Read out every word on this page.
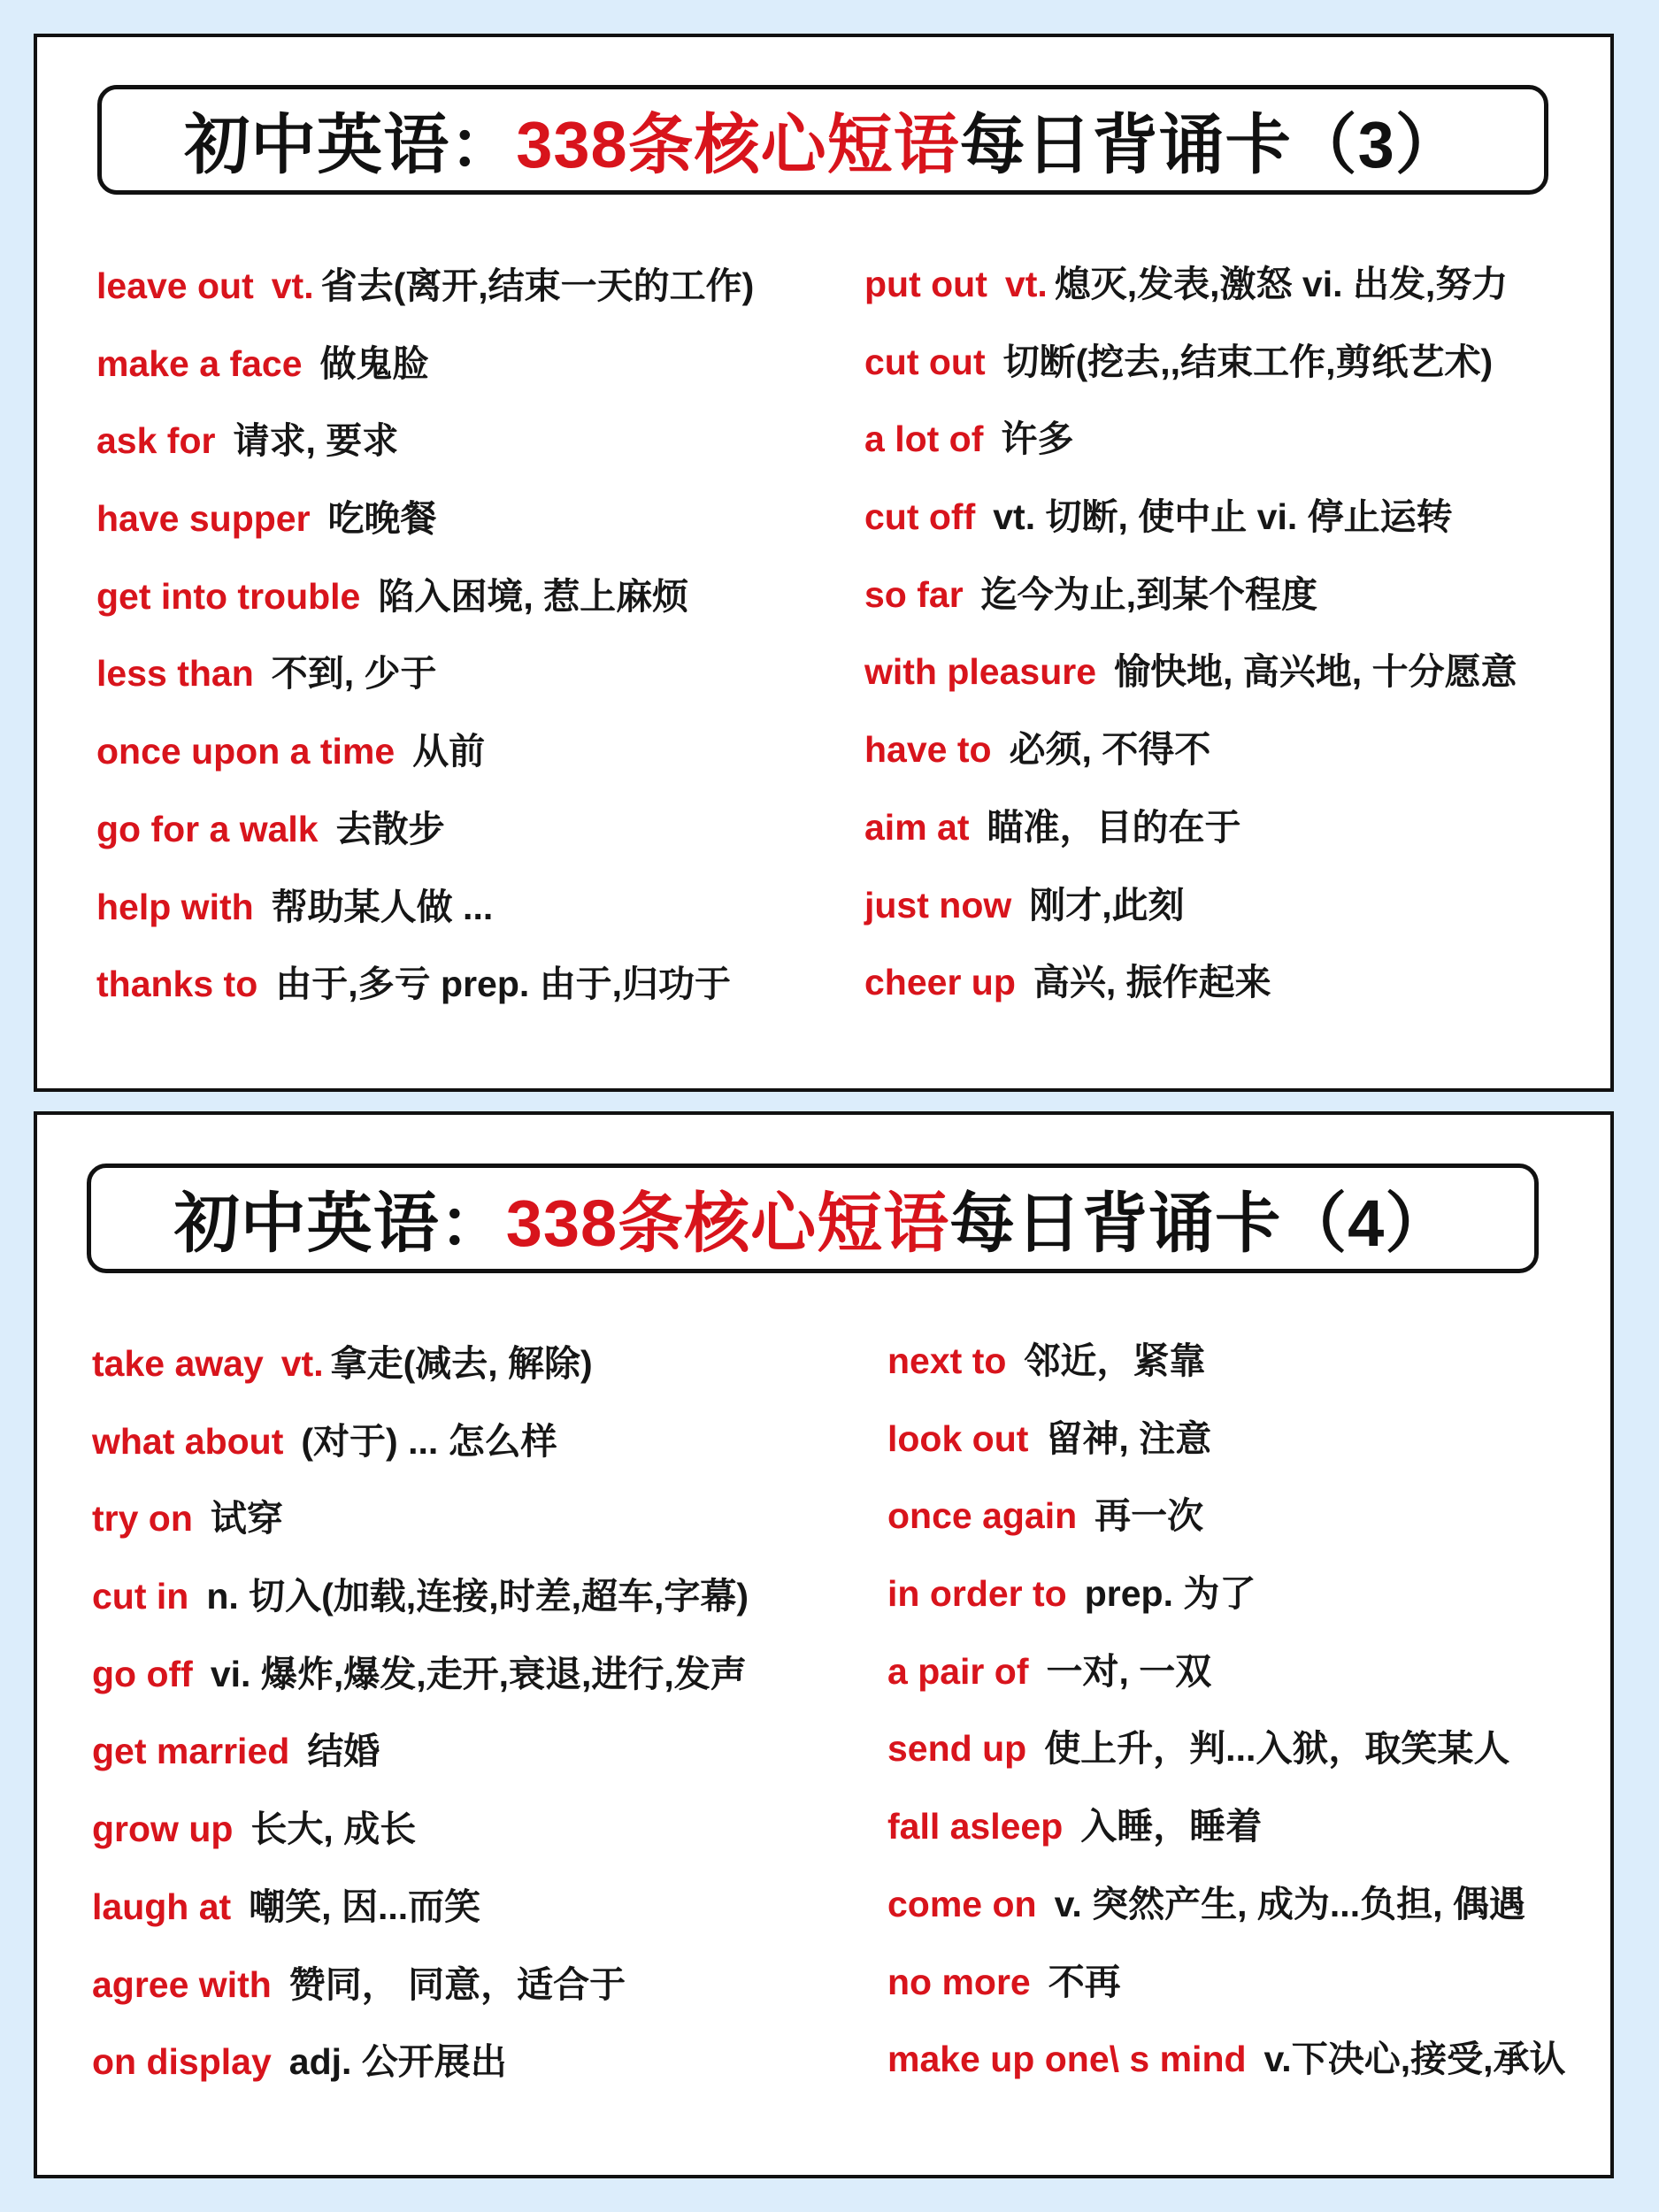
初中英语： 338条核心短语 每日背诵卡（3）
leave out vt. 省去(离开,结束一天的工作)
make a face 做鬼脸
ask for 请求, 要求
have supper 吃晚餐
get into trouble 陷入困境, 惹上麻烦
less than 不到, 少于
once upon a time 从前
go for a walk 去散步
help with 帮助某人做 ...
thanks to 由于,多亏 prep. 由于,归功于
put out vt. 熄灭,发表,激怒 vi. 出发,努力
cut out 切断(挖去,,结束工作,剪纸艺术)
a lot of 许多
cut off vt. 切断, 使中止 vi. 停止运转
so far 迄今为止,到某个程度
with pleasure 愉快地, 高兴地, 十分愿意
have to 必须, 不得不
aim at 瞄准，目的在于
just now 刚才,此刻
cheer up 高兴, 振作起来
初中英语： 338条核心短语 每日背诵卡（4）
take away vt. 拿走(减去, 解除)
what about (对于) ... 怎么样
try on 试穿
cut in n. 切入(加载,连接,时差,超车,字幕)
go off vi. 爆炸,爆发,走开,衰退,进行,发声
get married 结婚
grow up 长大, 成长
laugh at 嘲笑, 因...而笑
agree with 赞同， 同意，适合于
on display adj. 公开展出
next to 邻近，紧靠
look out 留神, 注意
once again 再一次
in order to prep. 为了
a pair of 一对, 一双
send up 使上升，判...入狱，取笑某人
fall asleep 入睡，睡着
come on v. 突然产生, 成为...负担, 偶遇
no more 不再
make up one\ s mind v.下决心,接受,承认
